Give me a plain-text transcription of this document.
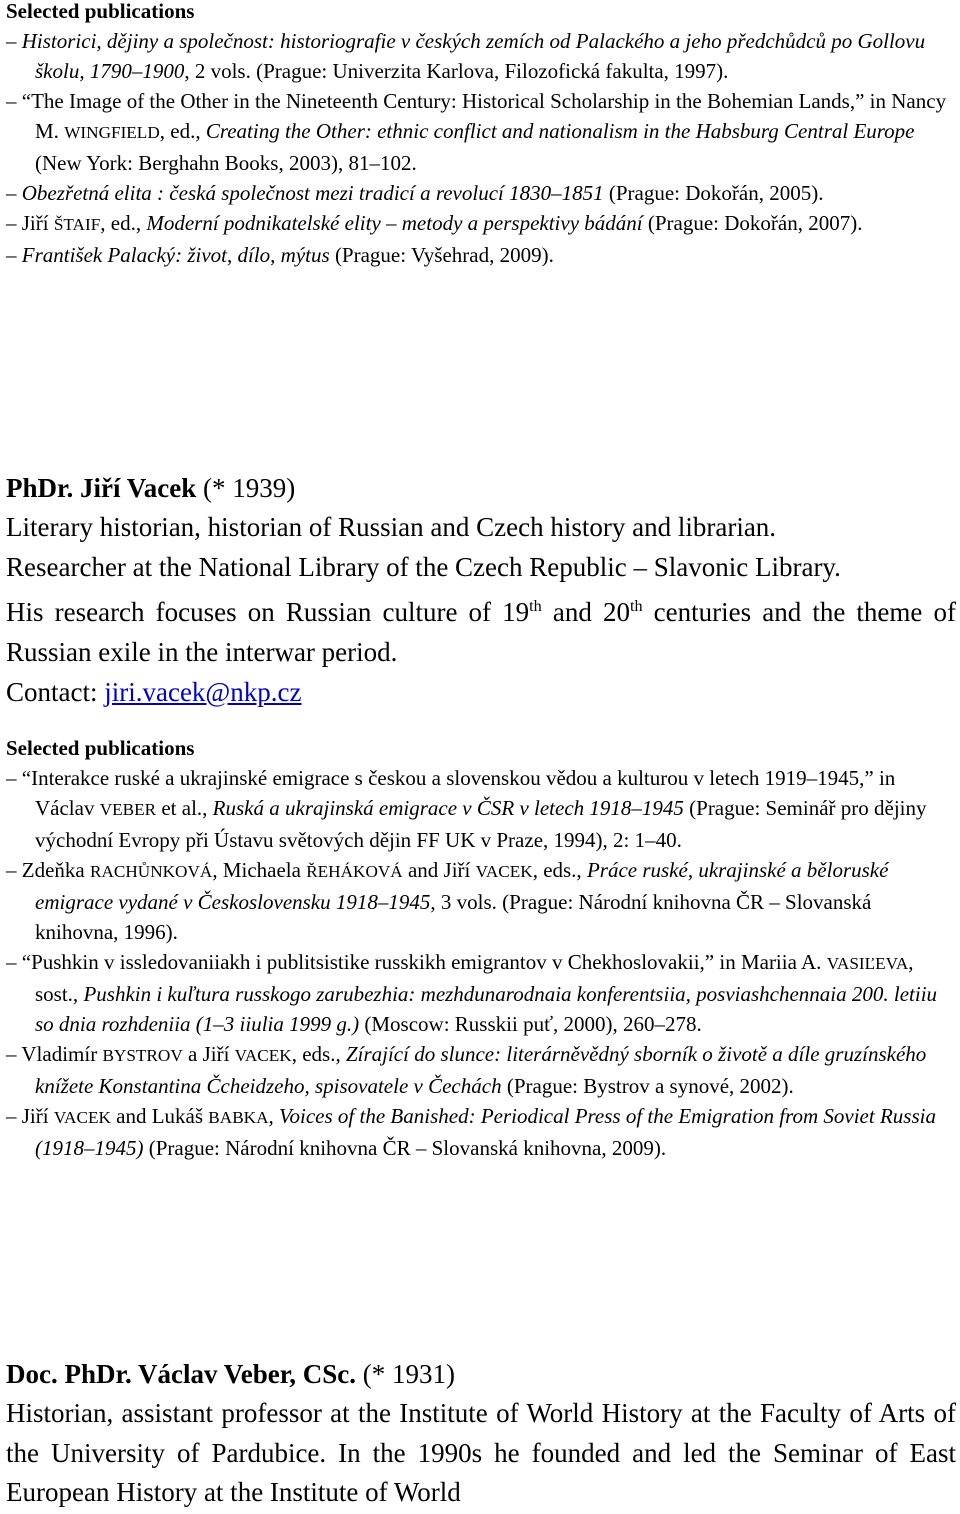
Selected publications

– Historici, dějiny a společnost: historiografie v českých zemích od Palackého a jeho předchůdců po Gollovu školu, 1790–1900, 2 vols. (Prague: Univerzita Karlova, Filozofická fakulta, 1997).

– “The Image of the Other in the Nineteenth Century: Historical Scholarship in the Bohemian Lands,” in Nancy M. WINGFIELD, ed., Creating the Other: ethnic conflict and nationalism in the Habsburg Central Europe (New York: Berghahn Books, 2003), 81–102.

– Obezřetná elita : česká společnost mezi tradicí a revolucí 1830–1851 (Prague: Dokořán, 2005).

– Jiří ŠTAIF, ed., Moderní podnikatelské elity – metody a perspektivy bádání (Prague: Dokořán, 2007).

– František Palacký: život, dílo, mýtus (Prague: Vyšehrad, 2009).

PhDr. Jiří Vacek (* 1939)

Literary historian, historian of Russian and Czech history and librarian.

Researcher at the National Library of the Czech Republic – Slavonic Library.

His research focuses on Russian culture of 19th and 20th centuries and the theme of Russian exile in the interwar period.

Contact: jiri.vacek@nkp.cz
Selected publications

– “Interakce ruské a ukrajinské emigrace s českou a slovenskou vědou a kulturou v letech 1919–1945,” in Václav VEBER et al., Ruská a ukrajinská emigrace v ČSR v letech 1918–1945 (Prague: Seminář pro dějiny východní Evropy při Ústavu světových dějin FF UK v Praze, 1994), 2: 1–40.

– Zdeňka RACHŮNKOVÁ, Michaela ŘEHÁKOVÁ and Jiří VACEK, eds., Práce ruské, ukrajinské a běloruské emigrace vydané v Československu 1918–1945, 3 vols. (Prague: Národní knihovna ČR – Slovanská knihovna, 1996).

– “Pushkin v issledovaniiakh i publitsistike russkikh emigrantov v Chekhoslovakii,” in Mariia A. VASIĽEVA, sost., Pushkin i kuľtura russkogo zarubezhia: mezhdunarodnaia konferentsiia, posviashchennaia 200. letiiu so dnia rozhdeniia (1–3 iiulia 1999 g.) (Moscow: Russkii puť, 2000), 260–278.

– Vladimír BYSTROV a Jiří VACEK, eds., Zírající do slunce: literárněvědný sborník o životě a díle gruzínského knížete Konstantina Čcheidzeho, spisovatele v Čechách (Prague: Bystrov a synové, 2002).

– Jiří VACEK and Lukáš BABKA, Voices of the Banished: Periodical Press of the Emigration from Soviet Russia (1918–1945) (Prague: Národní knihovna ČR – Slovanská knihovna, 2009).

Doc. PhDr. Václav Veber, CSc. (* 1931)

Historian, assistant professor at the Institute of World History at the Faculty of Arts of the University of Pardubice. In the 1990s he founded and led the Seminar of East European History at the Institute of World
